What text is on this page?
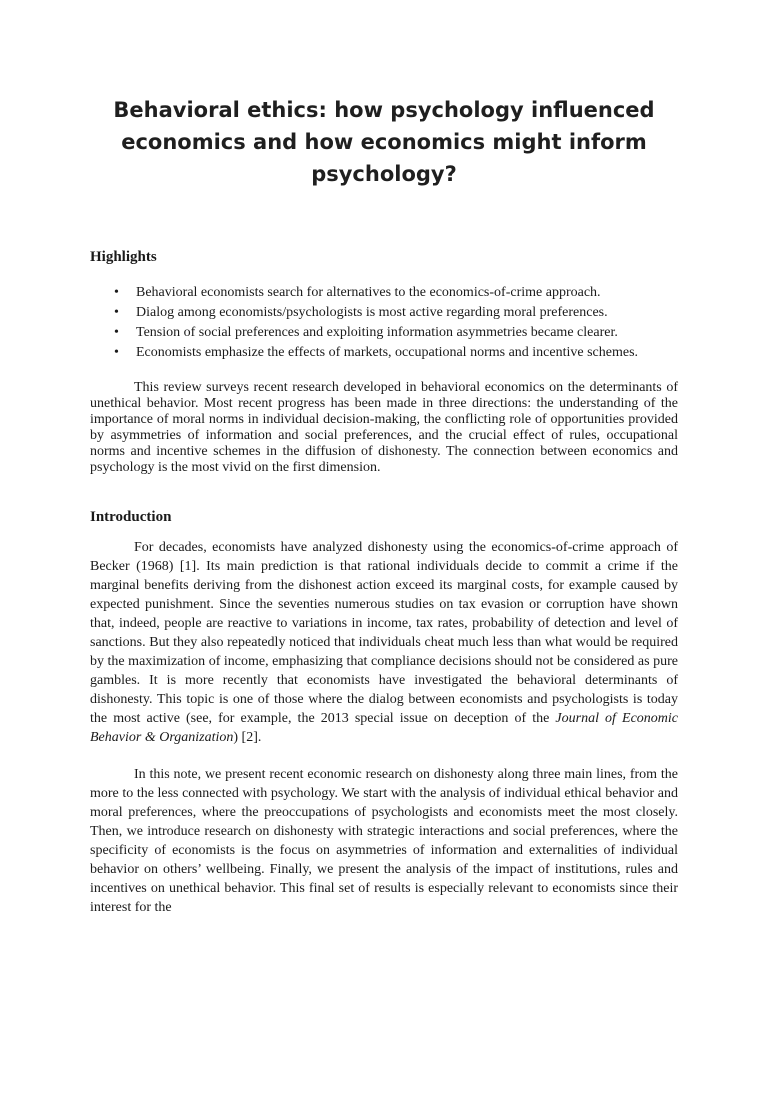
Behavioral ethics: how psychology influenced
economics and how economics might inform
psychology?
Highlights
• Behavioral economists search for alternatives to the economics-of-crime approach.
• Dialog among economists/psychologists is most active regarding moral preferences.
• Tension of social preferences and exploiting information asymmetries became clearer.
• Economists emphasize the effects of markets, occupational norms and incentive schemes.

This review surveys recent research developed in behavioral economics on the determinants of unethical behavior. Most recent progress has been made in three directions: the understanding of the importance of moral norms in individual decision-making, the conflicting role of opportunities provided by asymmetries of information and social preferences, and the crucial effect of rules, occupational norms and incentive schemes in the diffusion of dishonesty. The connection between economics and psychology is the most vivid on the first dimension.

Introduction

For decades, economists have analyzed dishonesty using the economics-of-crime approach of Becker (1968) [1]. Its main prediction is that rational individuals decide to commit a crime if the marginal benefits deriving from the dishonest action exceed its marginal costs, for example caused by expected punishment. Since the seventies numerous studies on tax evasion or corruption have shown that, indeed, people are reactive to variations in income, tax rates, probability of detection and level of sanctions. But they also repeatedly noticed that individuals cheat much less than what would be required by the maximization of income, emphasizing that compliance decisions should not be considered as pure gambles. It is more recently that economists have investigated the behavioral determinants of dishonesty. This topic is one of those where the dialog between economists and psychologists is today the most active (see, for example, the 2013 special issue on deception of the Journal of Economic Behavior & Organization) [2].

In this note, we present recent economic research on dishonesty along three main lines, from the more to the less connected with psychology. We start with the analysis of individual ethical behavior and moral preferences, where the preoccupations of psychologists and economists meet the most closely. Then, we introduce research on dishonesty with strategic interactions and social preferences, where the specificity of economists is the focus on asymmetries of information and externalities of individual behavior on others’ wellbeing. Finally, we present the analysis of the impact of institutions, rules and incentives on unethical behavior. This final set of results is especially relevant to economists since their interest for the
